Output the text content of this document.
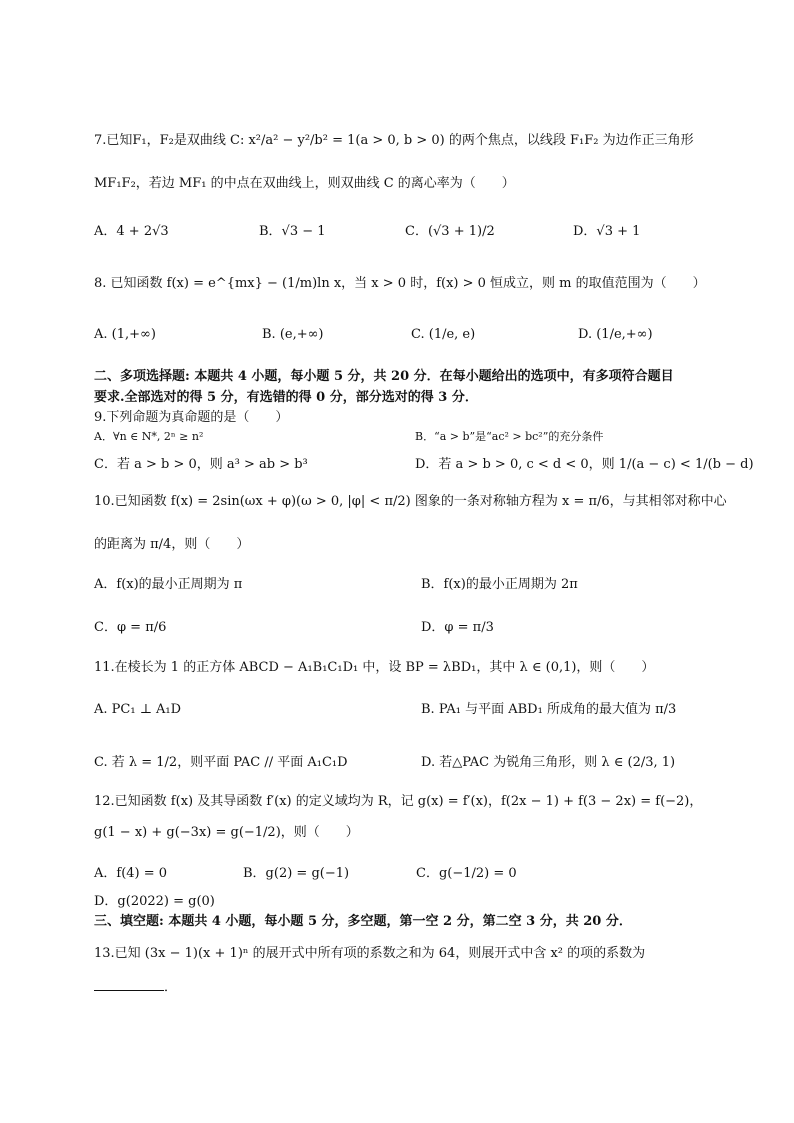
7.已知F₁，F₂是双曲线 C: x²/a² − y²/b² = 1(a > 0, b > 0) 的两个焦点，以线段 F₁F₂ 为边作正三角形
MF₁F₂，若边 MF₁ 的中点在双曲线上，则双曲线 C 的离心率为（　　）
A．4 + 2√3	B．√3 − 1	C．(√3 + 1)/2	D．√3 + 1
8. 已知函数 f(x) = e^{mx} − (1/m)ln x，当 x > 0 时，f(x) > 0 恒成立，则 m 的取值范围为（　　）
A. (1,+∞)	B. (e,+∞)	C. (1/e, e)	D. (1/e,+∞)
二、多项选择题: 本题共 4 小题，每小题 5 分，共 20 分．在每小题给出的选项中，有多项符合题目
要求.全部选对的得 5 分，有选错的得 0 分，部分选对的得 3 分．
9.下列命题为真命题的是（　　）
A．∀n ∈ N*, 2ⁿ ≥ n²	B．“a > b”是“ac² > bc²”的充分条件
C．若 a > b > 0，则 a³ > ab > b³	D．若 a > b > 0, c < d < 0，则 1/(a − c) < 1/(b − d)
10.已知函数 f(x) = 2sin(ωx + φ)(ω > 0, |φ| < π/2) 图象的一条对称轴方程为 x = π/6，与其相邻对称中心
的距离为 π/4，则（　　）
A．f(x)的最小正周期为 π	B．f(x)的最小正周期为 2π
C．φ = π/6	D．φ = π/3
11.在棱长为 1 的正方体 ABCD − A₁B₁C₁D₁ 中，设 BP = λBD₁，其中 λ ∈ (0,1)，则（　　）
A. PC₁ ⊥ A₁D	B. PA₁ 与平面 ABD₁ 所成角的最大值为 π/3
C. 若 λ = 1/2，则平面 PAC // 平面 A₁C₁D	D. 若△PAC 为锐角三角形，则 λ ∈ (2/3, 1)
12.已知函数 f(x) 及其导函数 f′(x) 的定义域均为 R，记 g(x) = f′(x)，f(2x − 1) + f(3 − 2x) = f(−2)，
g(1 − x) + g(−3x) = g(−1/2)，则（　　）
A．f(4) = 0	B．g(2) = g(−1)	C．g(−1/2) = 0
D．g(2022) = g(0)
三、填空题: 本题共 4 小题，每小题 5 分，多空题，第一空 2 分，第二空 3 分，共 20 分．
13.已知 (3x − 1)(x + 1)ⁿ 的展开式中所有项的系数之和为 64，则展开式中含 x² 的项的系数为
．
